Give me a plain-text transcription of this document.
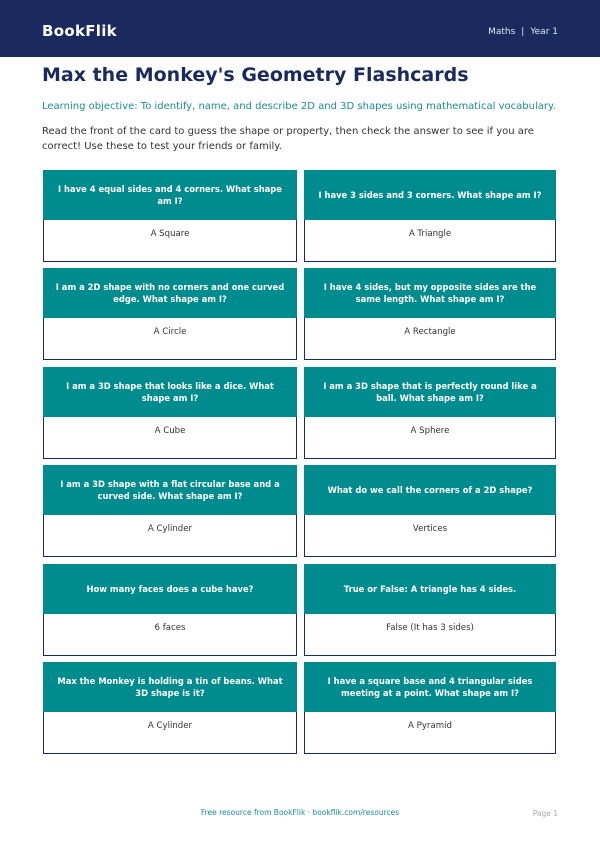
BookFlik	Maths | Year 1
Max the Monkey's Geometry Flashcards
Learning objective: To identify, name, and describe 2D and 3D shapes using mathematical vocabulary.
Read the front of the card to guess the shape or property, then check the answer to see if you are correct! Use these to test your friends or family.
I have 4 equal sides and 4 corners. What shape am I?
A Square
I have 3 sides and 3 corners. What shape am I?
A Triangle
I am a 2D shape with no corners and one curved edge. What shape am I?
A Circle
I have 4 sides, but my opposite sides are the same length. What shape am I?
A Rectangle
I am a 3D shape that looks like a dice. What shape am I?
A Cube
I am a 3D shape that is perfectly round like a ball. What shape am I?
A Sphere
I am a 3D shape with a flat circular base and a curved side. What shape am I?
A Cylinder
What do we call the corners of a 2D shape?
Vertices
How many faces does a cube have?
6 faces
True or False: A triangle has 4 sides.
False (It has 3 sides)
Max the Monkey is holding a tin of beans. What 3D shape is it?
A Cylinder
I have a square base and 4 triangular sides meeting at a point. What shape am I?
A Pyramid
Free resource from BookFlik · bookflik.com/resources	Page 1
